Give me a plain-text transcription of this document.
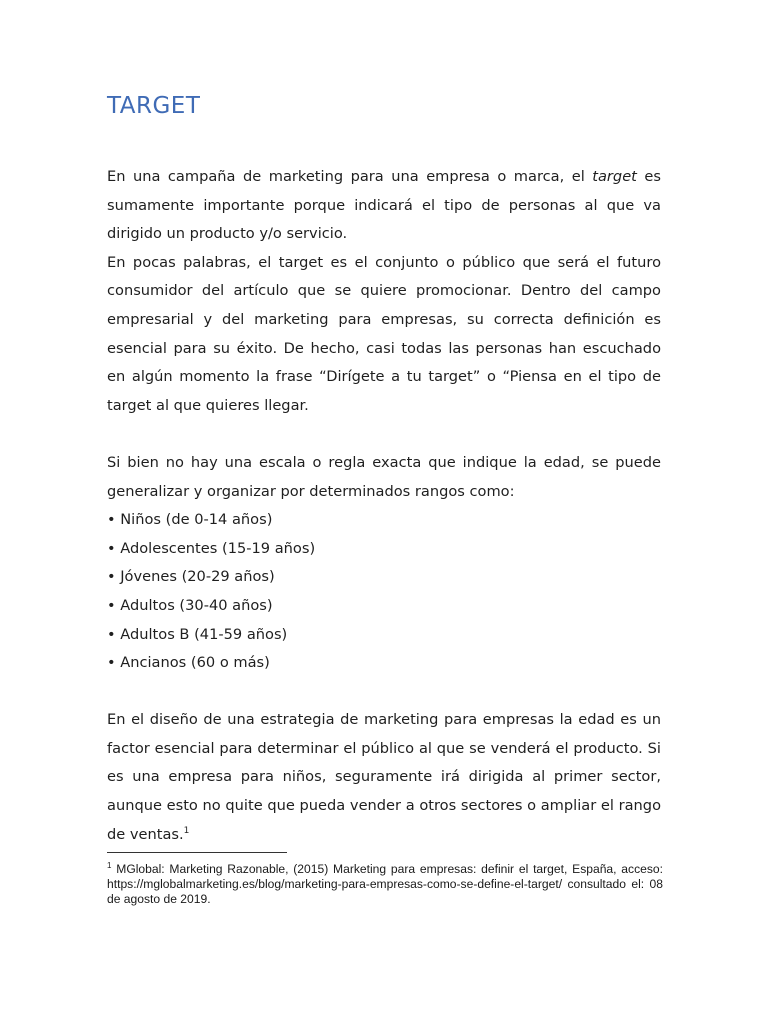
TARGET

En una campaña de marketing para una empresa o marca, el target es sumamente importante porque indicará el tipo de personas al que va dirigido un producto y/o servicio.

En pocas palabras, el target es el conjunto o público que será el futuro consumidor del artículo que se quiere promocionar. Dentro del campo empresarial y del marketing para empresas, su correcta definición es esencial para su éxito. De hecho, casi todas las personas han escuchado en algún momento la frase “Dirígete a tu target” o “Piensa en el tipo de target al que quieres llegar.

Si bien no hay una escala o regla exacta que indique la edad, se puede generalizar y organizar por determinados rangos como:

• Niños (de 0-14 años)
• Adolescentes (15-19 años)
• Jóvenes (20-29 años)
• Adultos (30-40 años)
• Adultos B (41-59 años)
• Ancianos (60 o más)

En el diseño de una estrategia de marketing para empresas la edad es un factor esencial para determinar el público al que se venderá el producto. Si es una empresa para niños, seguramente irá dirigida al primer sector, aunque esto no quite que pueda vender a otros sectores o ampliar el rango de ventas.$^1$

$^1$ MGlobal: Marketing Razonable, (2015) Marketing para empresas: definir el target, España, acceso: https://mglobalmarketing.es/blog/marketing-para-empresas-como-se-define-el-target/ consultado el: 08 de agosto de 2019.
